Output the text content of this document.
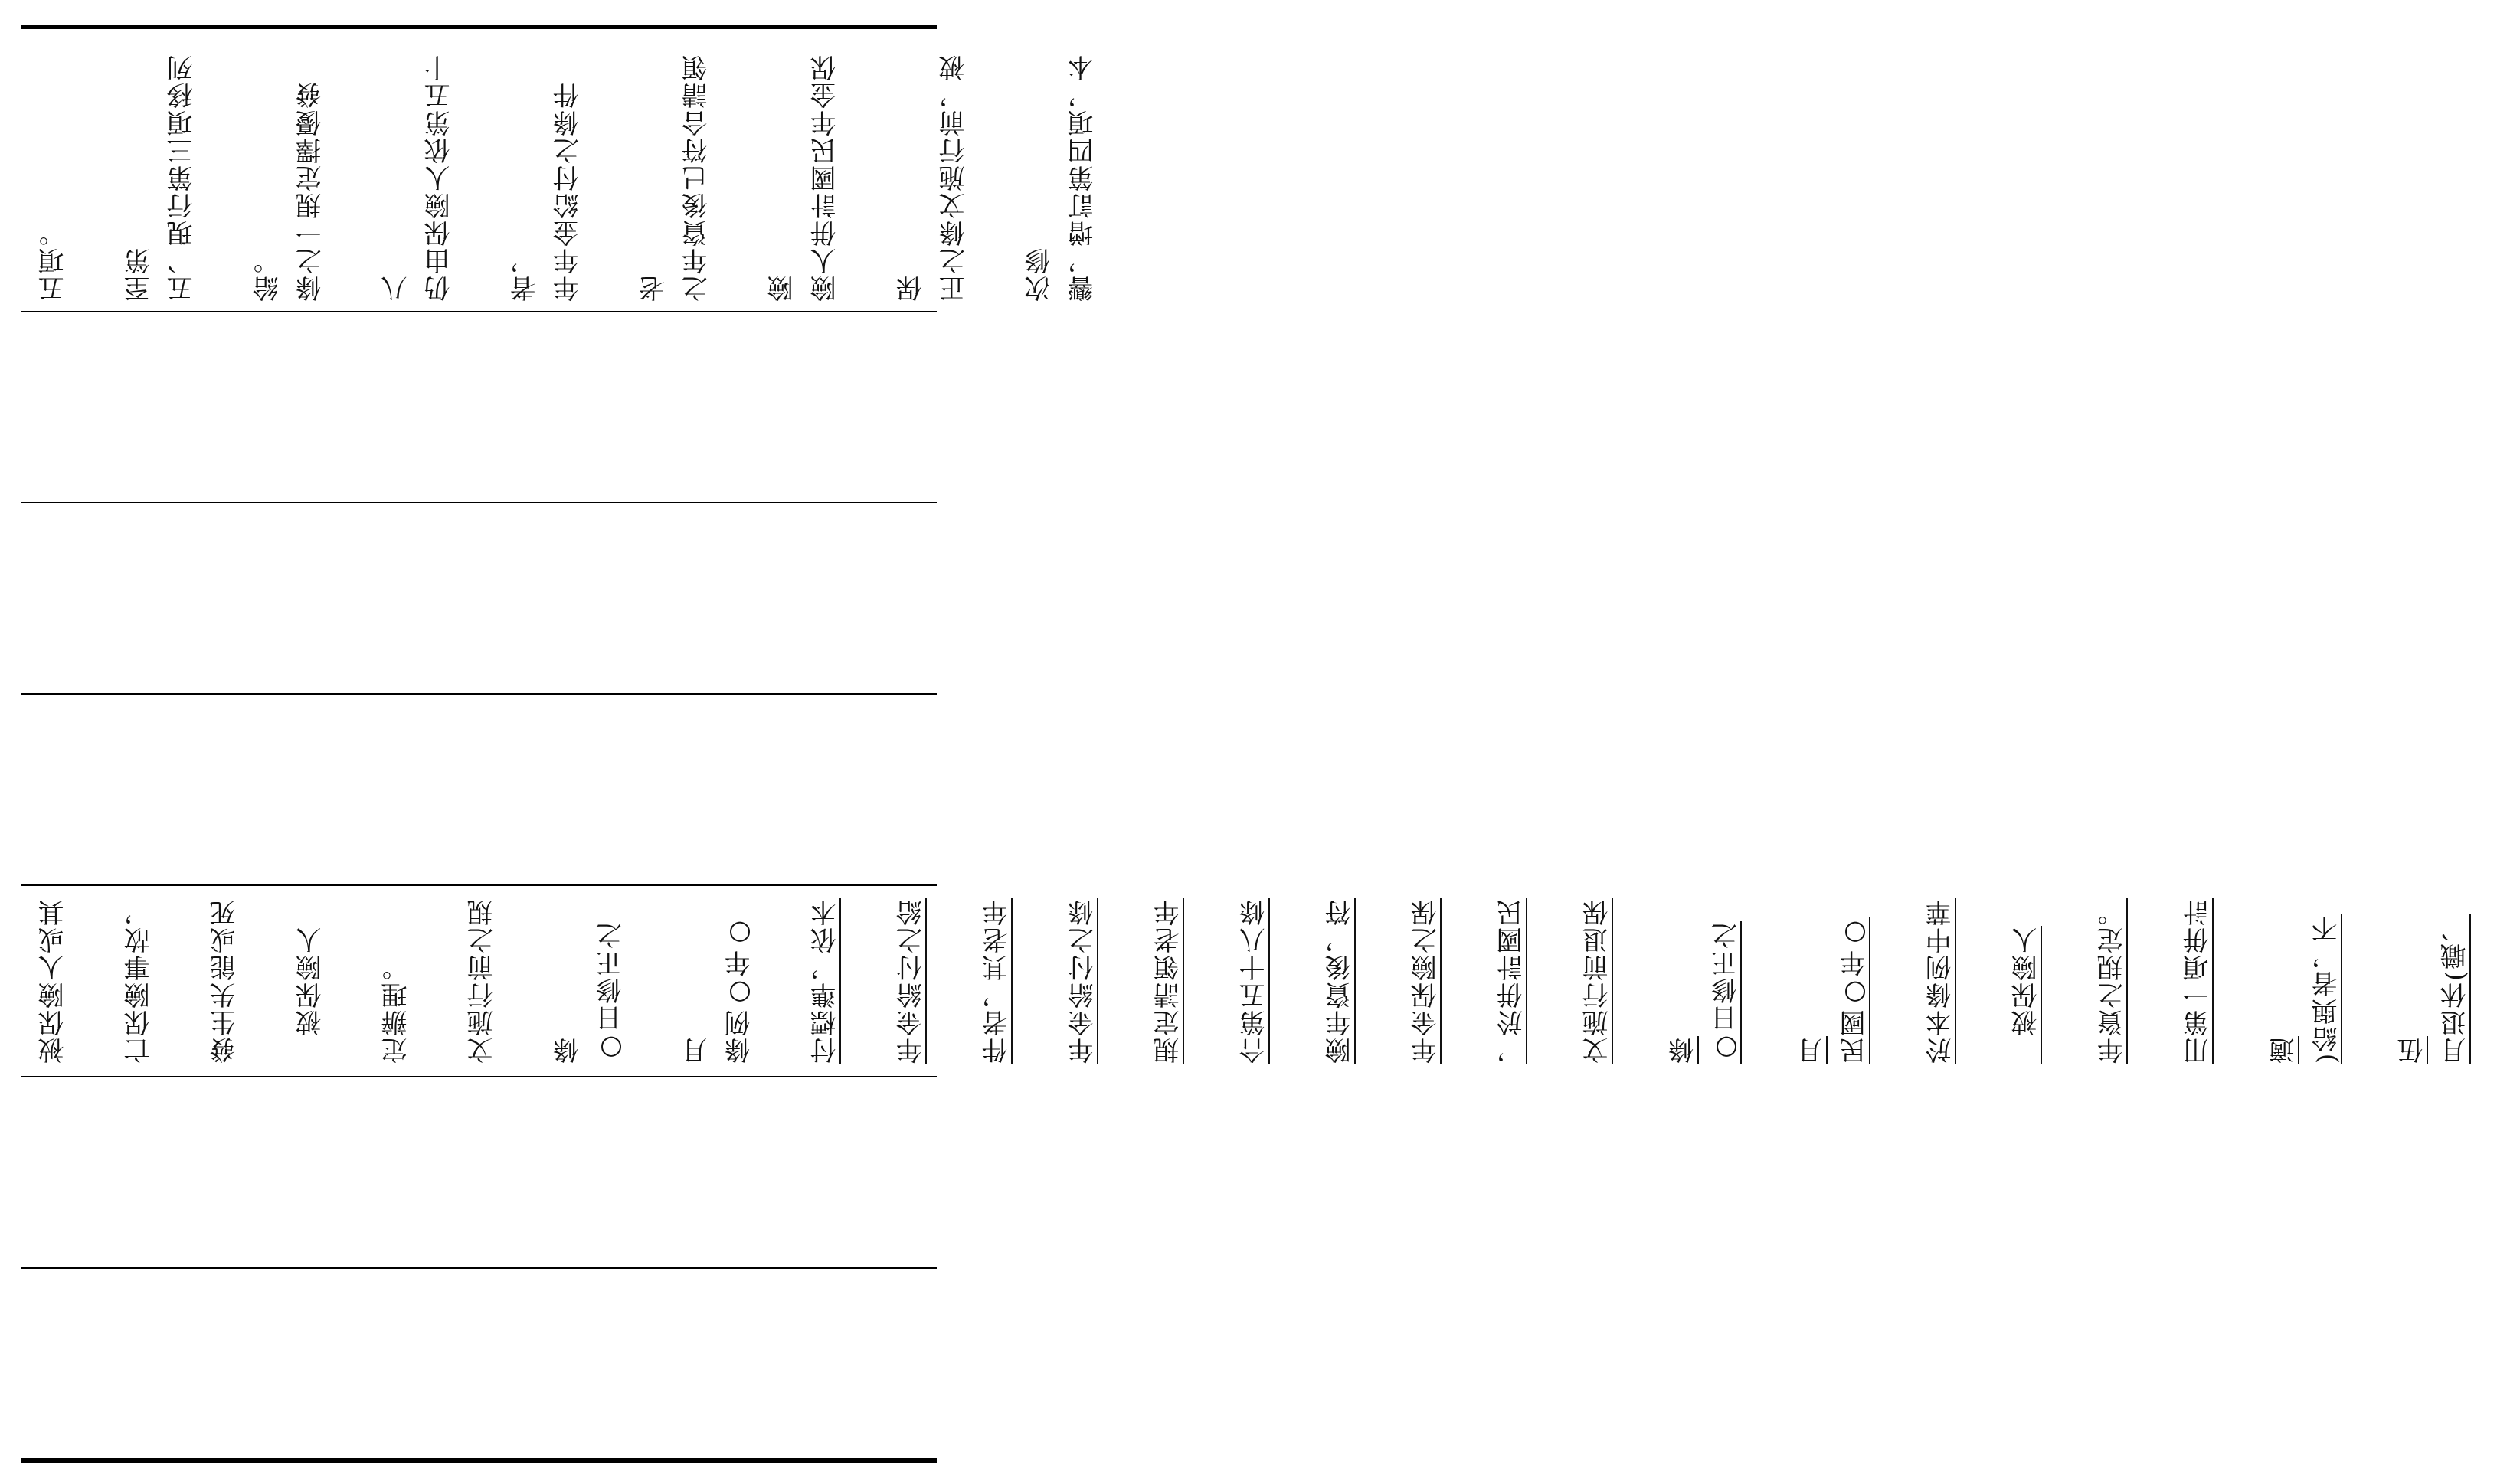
響，增訂第四項，本次修

正之條文施行前，被保

險人併計國民年金保險

之年資後已符合請領老

年年金給付之條件者，

仍由保險人依第五十八

條之一規定擇優發給。

五、現行第三項移列至第

五項。

月退休(職、伍

)給與者，不適

用第一項併計

年資之規定。

　被保險人

於本條例中華

民國○年○月

○日修正之條

文施行前退保

，於併計國民

年金保險之保

險年資後，符

合第五十八條

規定請領老年

年金給付之條

件者，其老年

年金給付之給

付標準，依本

條例○年○月

○日修正之條

文施行前之規

定辦理。

　被保險人

發生失能或死

亡保險事故，

被保險人或其
